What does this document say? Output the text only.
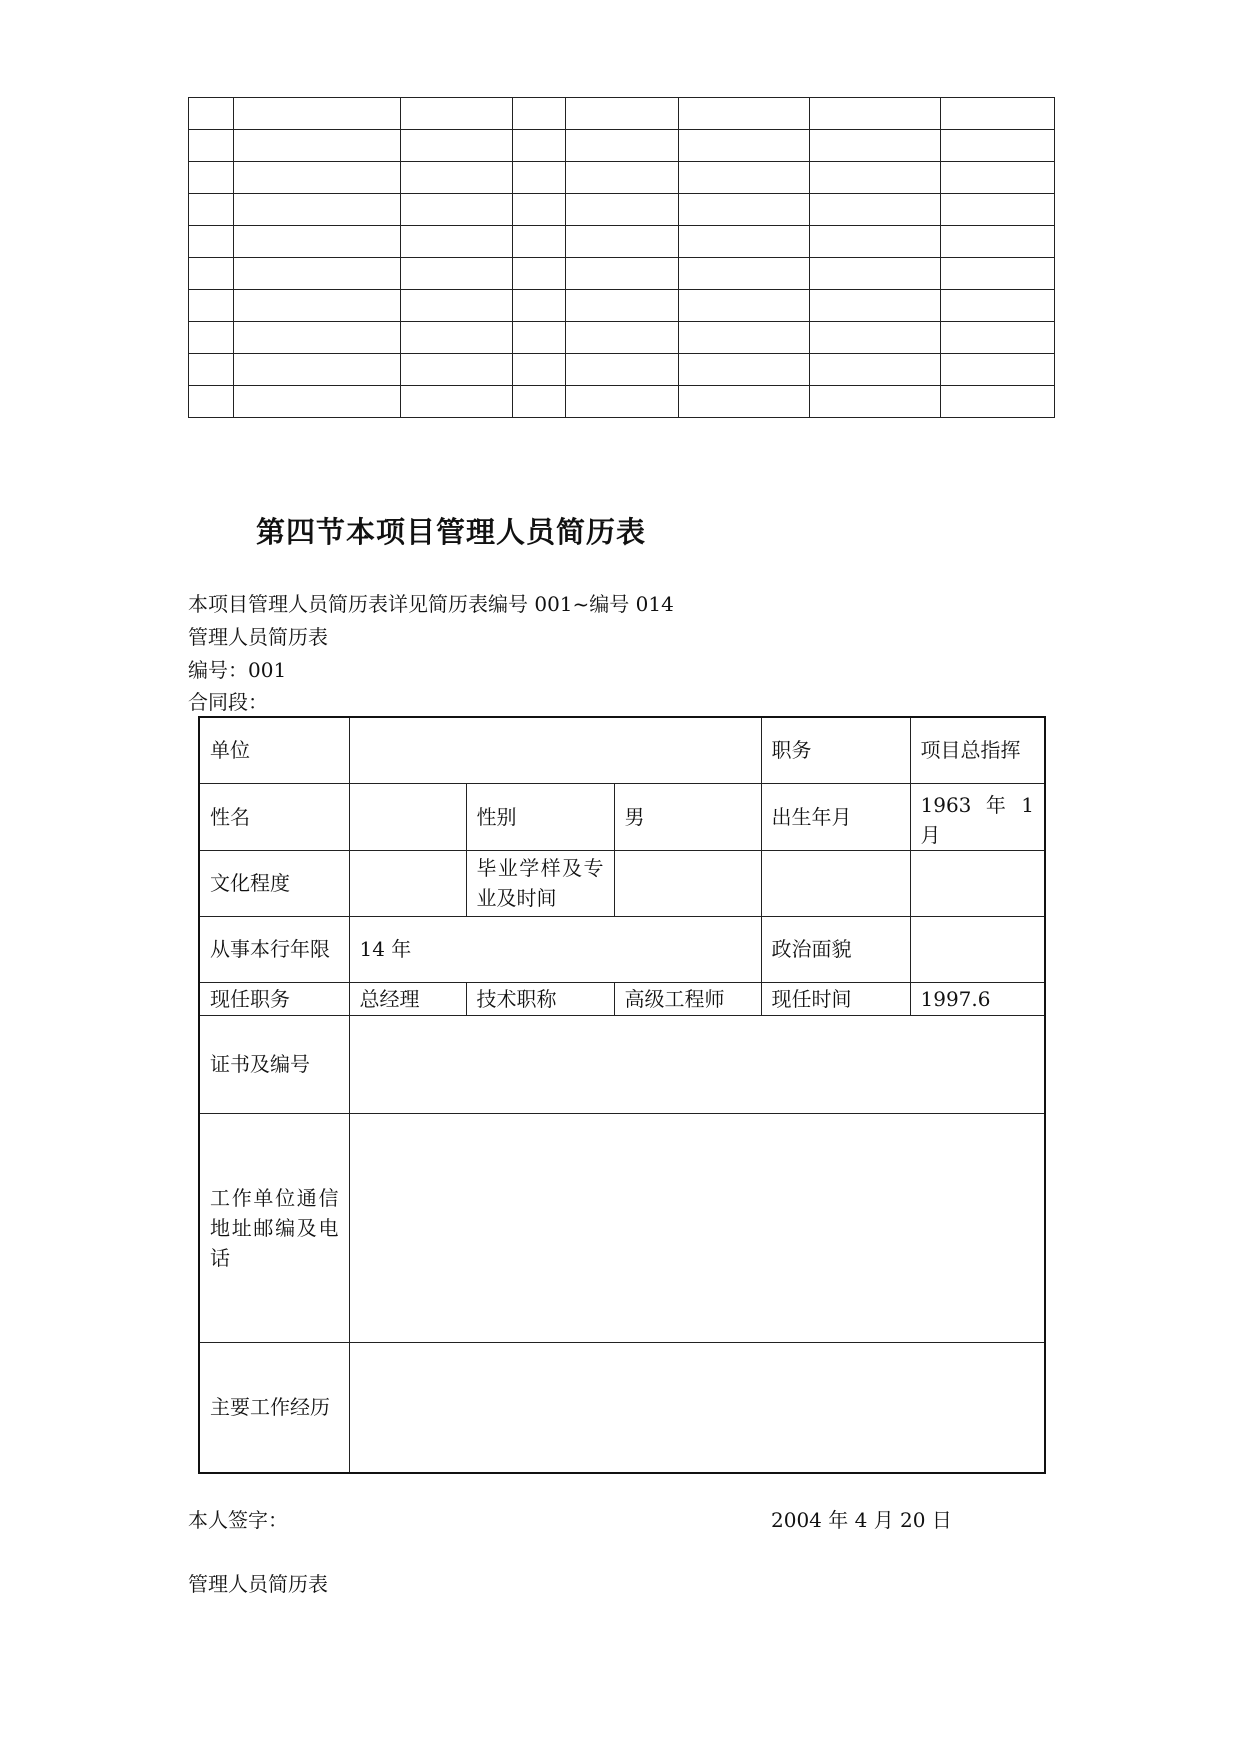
第四节本项目管理人员简历表
本项目管理人员简历表详见简历表编号 001~编号 014
管理人员简历表
编号：001
合同段：
单位				职务	项目总指挥
性名		性别	男	出生年月	1963  年  1 月
文化程度		毕业学样及专业及时间			
从事本行年限	14 年			政治面貌	
现任职务	总经理	技术职称	高级工程师	现任时间	1997.6
证书及编号					
工作单位通信地址邮编及电话					
主要工作经历					
本人签字：	2004 年 4 月 20 日
管理人员简历表
